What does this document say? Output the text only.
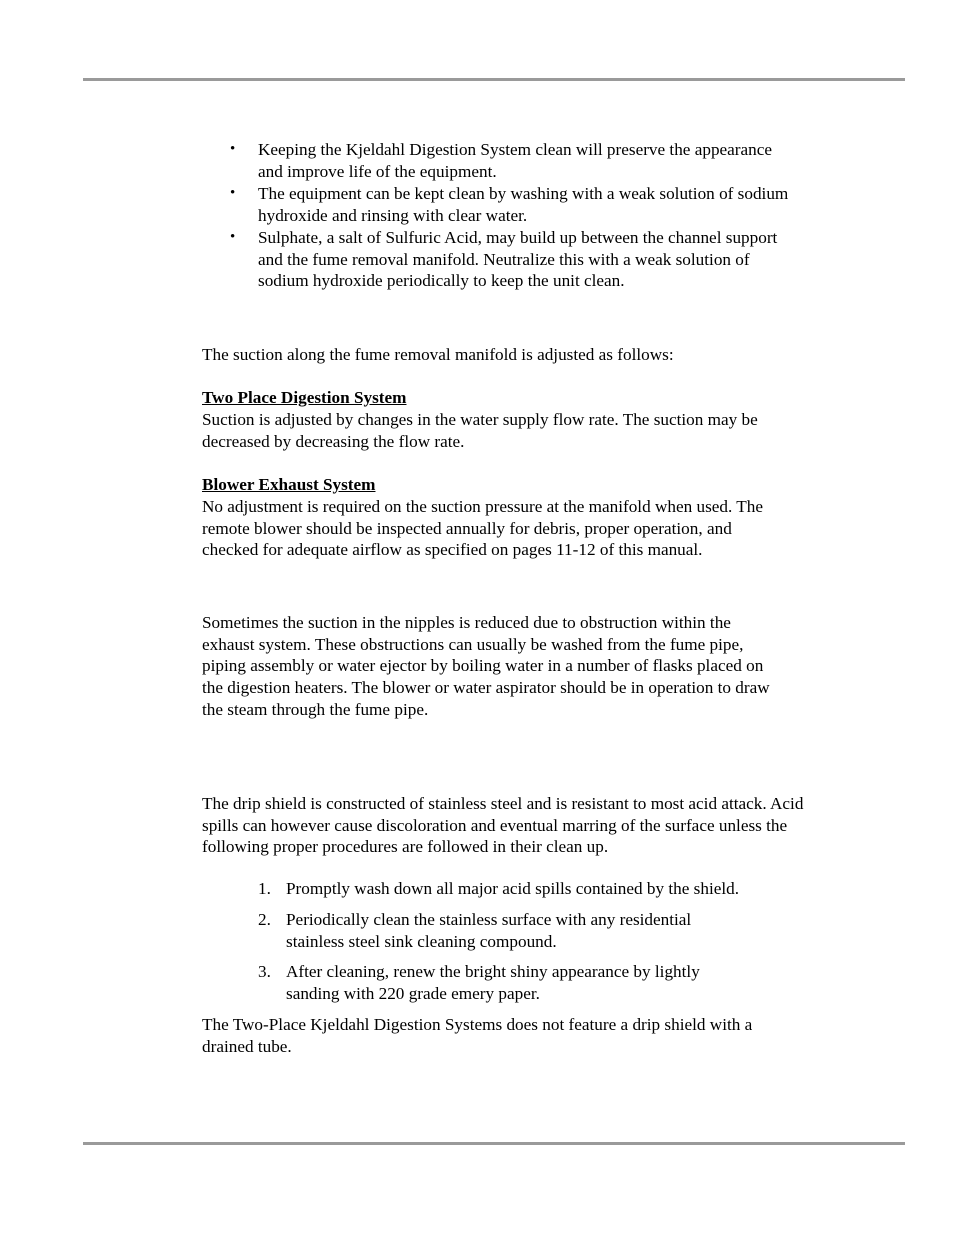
• Keeping the Kjeldahl Digestion System clean will preserve the appearance and improve life of the equipment.

• The equipment can be kept clean by washing with a weak solution of sodium hydroxide and rinsing with clear water.

• Sulphate, a salt of Sulfuric Acid, may build up between the channel support and the fume removal manifold. Neutralize this with a weak solution of sodium hydroxide periodically to keep the unit clean.

The suction along the fume removal manifold is adjusted as follows:

Two Place Digestion System

Suction is adjusted by changes in the water supply flow rate. The suction may be decreased by decreasing the flow rate.

Blower Exhaust System

No adjustment is required on the suction pressure at the manifold when used. The remote blower should be inspected annually for debris, proper operation, and checked for adequate airflow as specified on pages 11-12 of this manual.

Sometimes the suction in the nipples is reduced due to obstruction within the exhaust system. These obstructions can usually be washed from the fume pipe, piping assembly or water ejector by boiling water in a number of flasks placed on the digestion heaters. The blower or water aspirator should be in operation to draw the steam through the fume pipe.

The drip shield is constructed of stainless steel and is resistant to most acid attack. Acid spills can however cause discoloration and eventual marring of the surface unless the following proper procedures are followed in their clean up.

1. Promptly wash down all major acid spills contained by the shield.

2. Periodically clean the stainless surface with any residential stainless steel sink cleaning compound.

3. After cleaning, renew the bright shiny appearance by lightly sanding with 220 grade emery paper.

The Two-Place Kjeldahl Digestion Systems does not feature a drip shield with a drained tube.
